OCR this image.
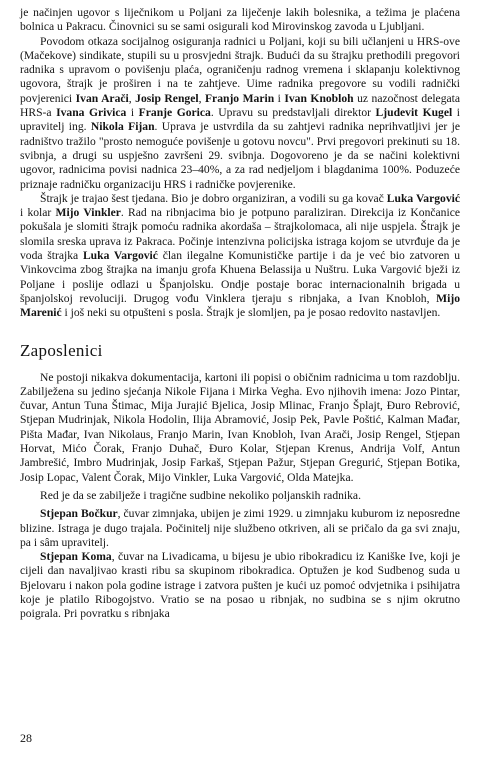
je načinjen ugovor s liječnikom u Poljani za liječenje lakih bolesnika, a težima je plaćena bolnica u Pakracu. Činovnici su se sami osigurali kod Mirovinskog zavoda u Ljubljani.

Povodom otkaza socijalnog osiguranja radnici u Poljani, koji su bili učlanjeni u HRS-ove (Mačekove) sindikate, stupili su u prosvjedni štrajk. Budući da su štrajku prethodili pregovori radnika s upravom o povišenju plaća, ograničenju radnog vremena i sklapanju kolektivnog ugovora, štrajk je proširen i na te zahtjeve. Uime radnika pregovore su vodili radnički povjerenici Ivan Arači, Josip Rengel, Franjo Marin i Ivan Knobloh uz nazočnost delegata HRS-a Ivana Grivica i Franje Gorica. Upravu su predstavljali direktor Ljudevit Kugel i upravitelj ing. Nikola Fijan. Uprava je ustvrdila da su zahtjevi radnika neprihvatljivi jer je radništvo tražilo "prosto nemoguće povišenje u gotovu novcu". Prvi pregovori prekinuti su 18. svibnja, a drugi su uspješno završeni 29. svibnja. Dogovoreno je da se načini kolektivni ugovor, radnicima povisi nadnica 23–40%, a za rad nedjeljom i blagdanima 100%. Poduzeće priznaje radničku organizaciju HRS i radničke povjerenike.

Štrajk je trajao šest tjedana. Bio je dobro organiziran, a vodili su ga kovač Luka Vargović i kolar Mijo Vinkler. Rad na ribnjacima bio je potpuno paraliziran. Direkcija iz Končanice pokušala je slomiti štrajk pomoću radnika akordaša – štrajkolomaca, ali nije uspjela. Štrajk je slomila sreska uprava iz Pakraca. Počinje intenzivna policijska istraga kojom se utvrđuje da je voda štrajka Luka Vargović član ilegalne Komunističke partije i da je već bio zatvoren u Vinkovcima zbog štrajka na imanju grofa Khuena Belassija u Nuštru. Luka Vargović bježi iz Poljane i poslije odlazi u Španjolsku. Ondje postaje borac internacionalnih brigada u španjolskoj revoluciji. Drugog vođu Vinklera tjeraju s ribnjaka, a Ivan Knobloh, Mijo Marenić i još neki su otpušteni s posla. Štrajk je slomljen, pa je posao redovito nastavljen.

Zaposlenici

Ne postoji nikakva dokumentacija, kartoni ili popisi o običnim radnicima u tom razdoblju. Zabilježena su jedino sjećanja Nikole Fijana i Mirka Vegha. Evo njihovih imena: Jozo Pintar, čuvar, Antun Tuna Štimac, Mija Jurajić Bjelica, Josip Mlinac, Franjo Šplajt, Đuro Rebrović, Stjepan Mudrinjak, Nikola Hodolin, Ilija Abramović, Josip Pek, Pavle Poštić, Kalman Mađar, Pišta Mađar, Ivan Nikolaus, Franjo Marin, Ivan Knobloh, Ivan Arači, Josip Rengel, Stjepan Horvat, Mićo Čorak, Franjo Duhač, Đuro Kolar, Stjepan Krenus, Andrija Volf, Antun Jambrešić, Imbro Mudrinjak, Josip Farkaš, Stjepan Pažur, Stjepan Gregurić, Stjepan Botika, Josip Lopac, Valent Čorak, Mijo Vinkler, Luka Vargović, Olda Matejka.

Red je da se zabilježe i tragične sudbine nekoliko poljanskih radnika.

Stjepan Bočkur, čuvar zimnjaka, ubijen je zimi 1929. u zimnjaku kuburom iz neposredne blizine. Istraga je dugo trajala. Počinitelj nije službeno otkriven, ali se pričalo da ga svi znaju, pa i sâm upravitelj.

Stjepan Koma, čuvar na Livadicama, u bijesu je ubio ribokradicu iz Kaniške Ive, koji je cijeli dan navaljivao krasti ribu sa skupinom ribokradica. Optužen je kod Sudbenog suda u Bjelovaru i nakon pola godine istrage i zatvora pušten je kući uz pomoć odvjetnika i psihijatra koje je platilo Ribogojstvo. Vratio se na posao u ribnjak, no sudbina se s njim okrutno poigrala. Pri povratku s ribnjaka

28
